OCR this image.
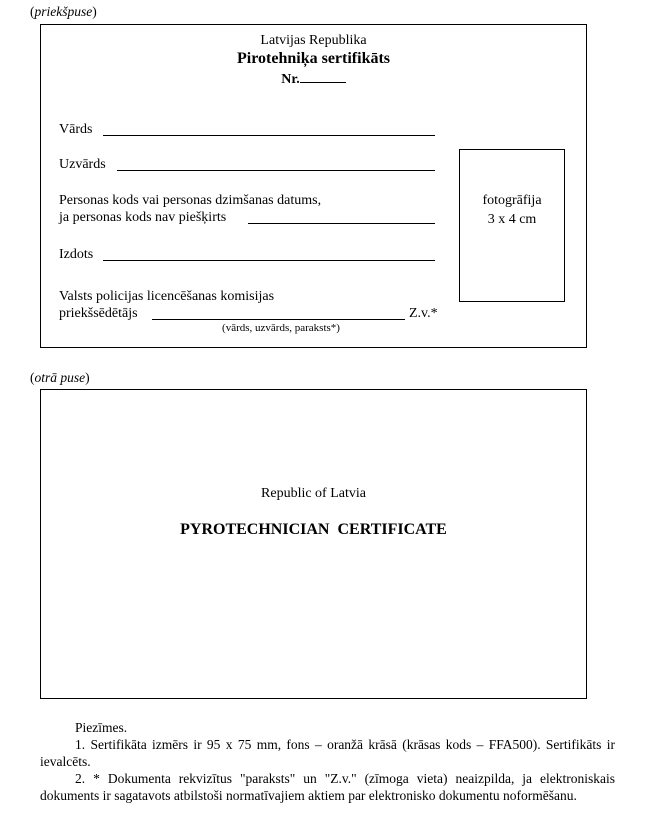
(priekšpuse)
Latvijas Republika
Pirotehniķa sertifikāts
Nr.
Vārds
Uzvārds
Personas kods vai personas dzimšanas datums,
ja personas kods nav piešķirts
Izdots
Valsts policijas licencēšanas komisijas
priekšsēdētājs	Z.v.*
(vārds, uzvārds, paraksts*)
fotogrāfija
3 x 4 cm
(otrā puse)
Republic of Latvia
PYROTECHNICIAN  CERTIFICATE
Piezīmes.
1. Sertifikāta izmērs ir 95 x 75 mm, fons – oranžā krāsā (krāsas kods – FFA500). Sertifikāts ir ievalcēts.
2. * Dokumenta rekvizītus "paraksts" un "Z.v." (zīmoga vieta) neaizpilda, ja elektroniskais dokuments ir sagatavots atbilstoši normatīvajiem aktiem par elektronisko dokumentu noformēšanu.
